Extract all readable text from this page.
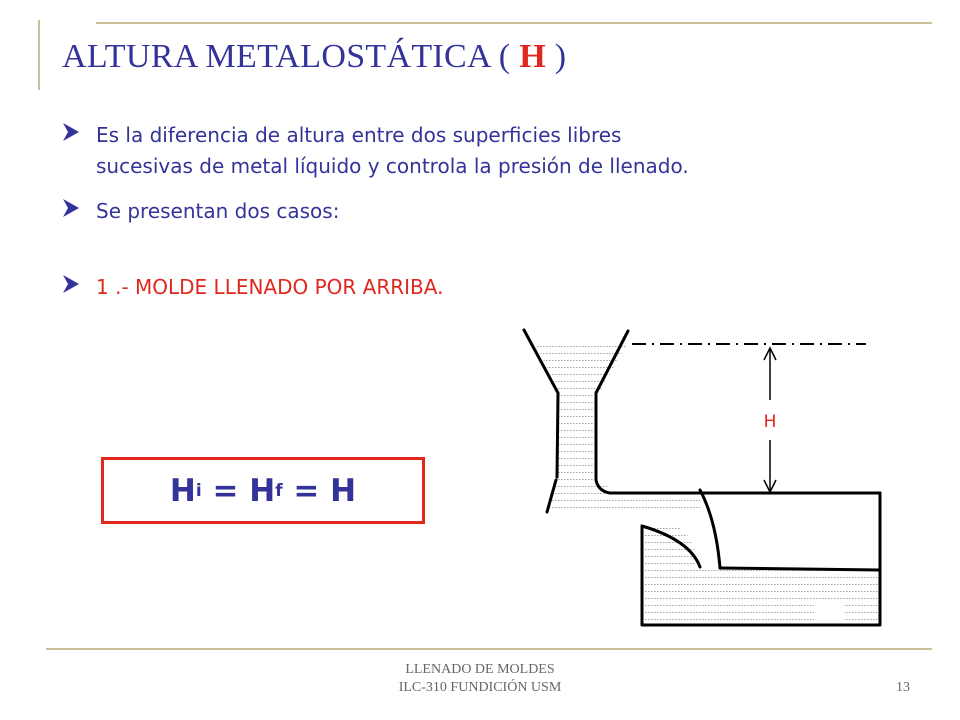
ALTURA METALOSTÁTICA ( H )
Es la diferencia de altura entre dos superficies libres
sucesivas de metal líquido y controla la presión de llenado.
Se presentan dos casos:
1 .- MOLDE LLENADO POR ARRIBA.
H i = H f = H
H
LLENADO DE MOLDES
ILC-310 FUNDICIÓN USM	13
